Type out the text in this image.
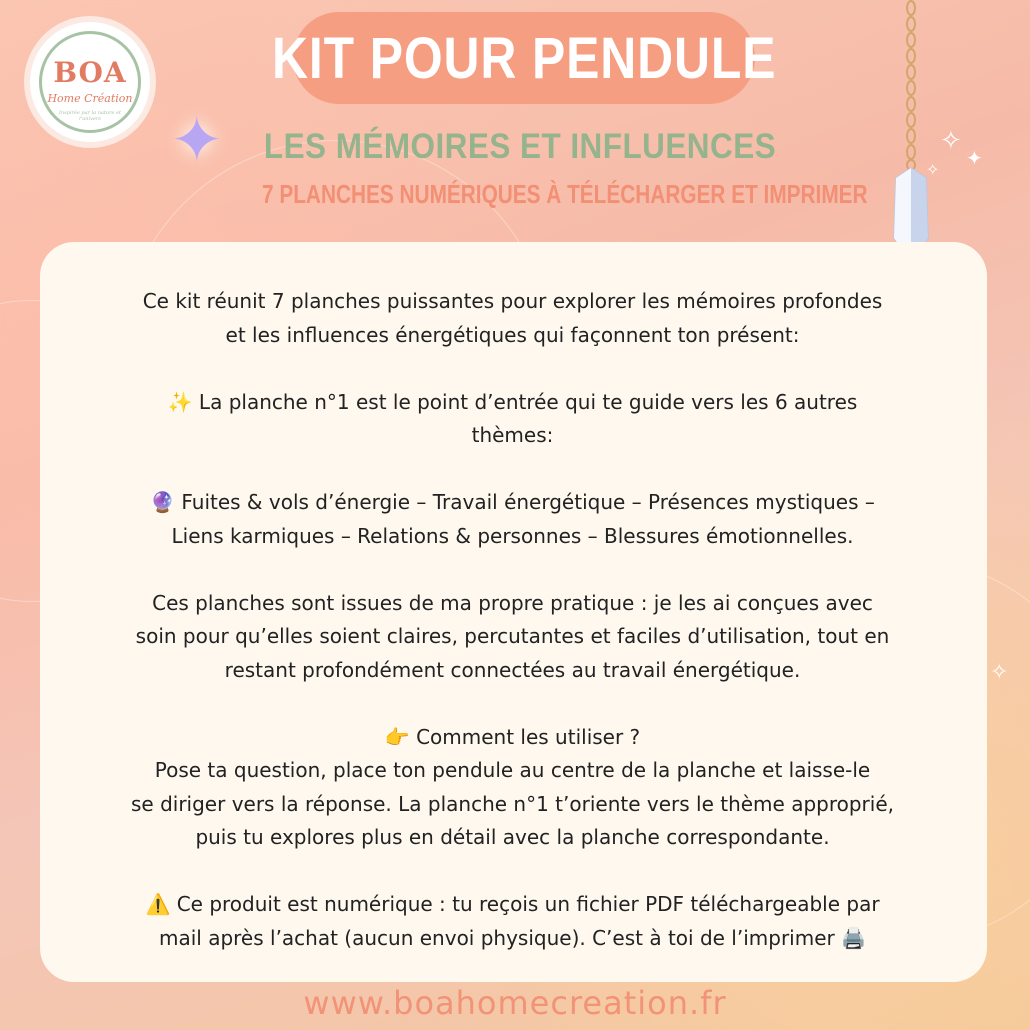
✦	✧
✦
✧
✧
BOA
Home Création
Inspirée par la nature et l'univers
KIT POUR PENDULE
LES MÉMOIRES ET INFLUENCES
7 PLANCHES NUMÉRIQUES À TÉLÉCHARGER ET IMPRIMER

Ce kit réunit 7 planches puissantes pour explorer les mémoires profondes

et les influences énergétiques qui façonnent ton présent:

✨ La planche n°1 est le point d’entrée qui te guide vers les 6 autres

thèmes:

🔮 Fuites & vols d’énergie – Travail énergétique – Présences mystiques –

Liens karmiques – Relations & personnes – Blessures émotionnelles.

Ces planches sont issues de ma propre pratique : je les ai conçues avec

soin pour qu’elles soient claires, percutantes et faciles d’utilisation, tout en

restant profondément connectées au travail énergétique.

👉 Comment les utiliser ?

Pose ta question, place ton pendule au centre de la planche et laisse-le

se diriger vers la réponse. La planche n°1 t’oriente vers le thème approprié,

puis tu explores plus en détail avec la planche correspondante.

⚠️ Ce produit est numérique : tu reçois un fichier PDF téléchargeable par

mail après l’achat (aucun envoi physique). C’est à toi de l’imprimer 🖨️

www.boahomecreation.fr
